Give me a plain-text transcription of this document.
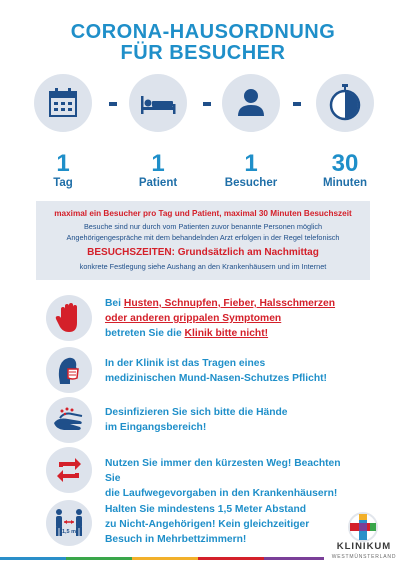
CORONA-HAUSORDNUNG
FÜR BESUCHER
1
Tag
1
Patient
1
Besucher
30
Minuten
maximal ein Besucher pro Tag und Patient, maximal 30 Minuten Besuchszeit
Besuche sind nur durch vom Patienten zuvor benannte Personen möglich
Angehörigengespräche mit dem behandelnden Arzt erfolgen in der Regel telefonisch
BESUCHSZEITEN: Grundsätzlich am Nachmittag
konkrete Festlegung siehe Aushang an den Krankenhäusern und im Internet
Bei Husten, Schnupfen, Fieber, Halsschmerzen
oder anderen grippalen Symptomen
betreten Sie die Klinik bitte nicht!
In der Klinik ist das Tragen eines
medizinischen Mund-Nasen-Schutzes Pflicht!
Desinfizieren Sie sich bitte die Hände
im Eingangsbereich!
Nutzen Sie immer den kürzesten Weg! Beachten Sie
die Laufwegevorgaben in den Krankenhäusern!
1,5 m
Halten Sie mindestens 1,5 Meter Abstand
zu Nicht-Angehörigen! Kein gleichzeitiger
Besuch in Mehrbettzimmern!
KLINIKUM
WESTMÜNSTERLAND
